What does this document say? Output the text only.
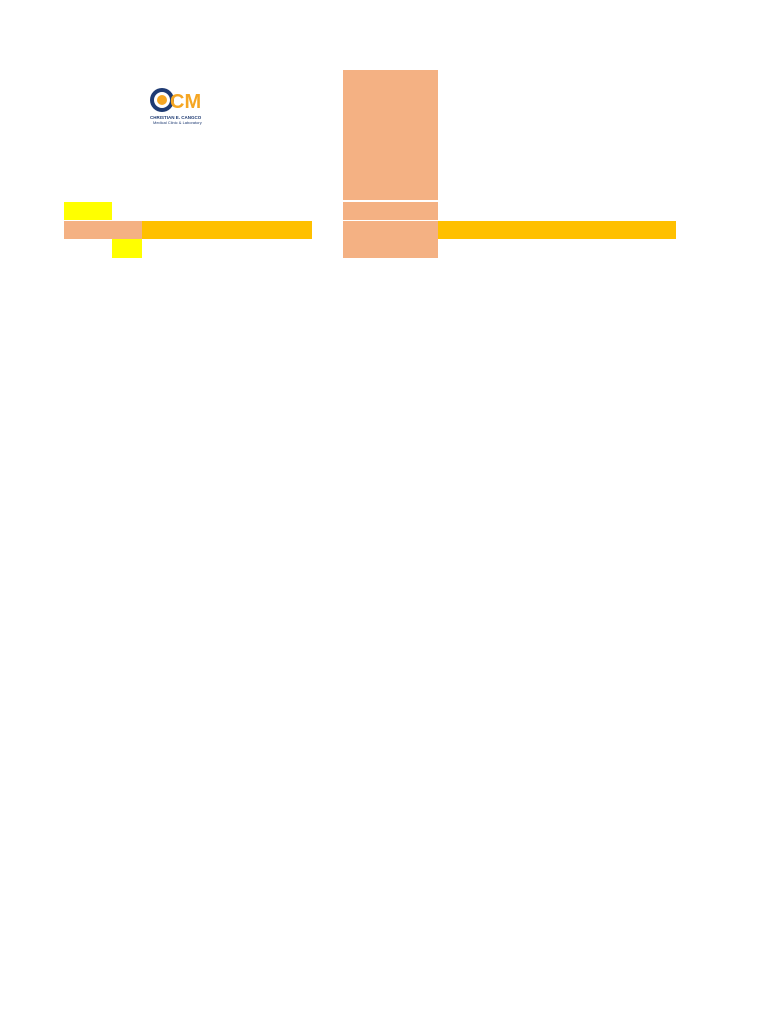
CM
CHRISTIAN E. CANGCO
Medical Clinic & Laboratory
